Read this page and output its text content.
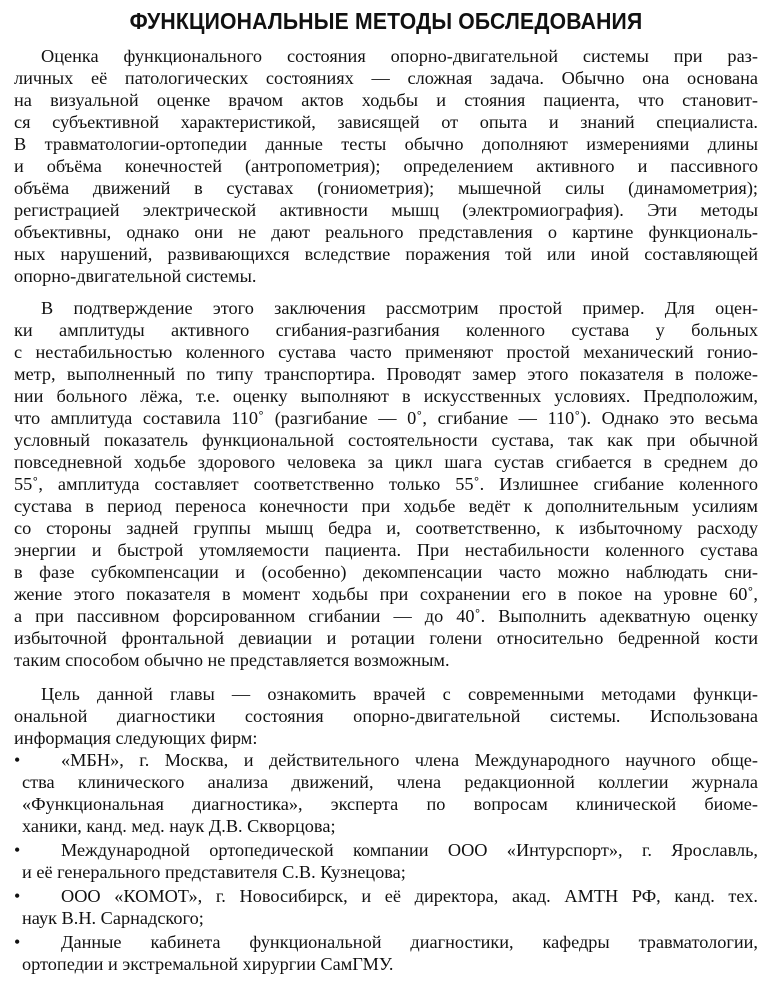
ФУНКЦИОНАЛЬНЫЕ МЕТОДЫ ОБСЛЕДОВАНИЯ
Оценка функционального состояния опорно-двигательной системы при раз-
личных её патологических состояниях — сложная задача. Обычно она основана
на визуальной оценке врачом актов ходьбы и стояния пациента, что становит-
ся субъективной характеристикой, зависящей от опыта и знаний специалиста.
В травматологии-ортопедии данные тесты обычно дополняют измерениями длины
и объёма конечностей (антропометрия); определением активного и пассивного
объёма движений в суставах (гониометрия); мышечной силы (динамометрия);
регистрацией электрической активности мышц (электромиография). Эти методы
объективны, однако они не дают реального представления о картине функциональ-
ных нарушений, развивающихся вследствие поражения той или иной составляющей
опорно-двигательной системы.
В подтверждение этого заключения рассмотрим простой пример. Для оцен-
ки амплитуды активного сгибания-разгибания коленного сустава у больных
с нестабильностью коленного сустава часто применяют простой механический гонио-
метр, выполненный по типу транспортира. Проводят замер этого показателя в положе-
нии больного лёжа, т.е. оценку выполняют в искусственных условиях. Предположим,
что амплитуда составила 110˚ (разгибание — 0˚, сгибание — 110˚). Однако это весьма
условный показатель функциональной состоятельности сустава, так как при обычной
повседневной ходьбе здорового человека за цикл шага сустав сгибается в среднем до
55˚, амплитуда составляет соответственно только 55˚. Излишнее сгибание коленного
сустава в период переноса конечности при ходьбе ведёт к дополнительным усилиям
со стороны задней группы мышц бедра и, соответственно, к избыточному расходу
энергии и быстрой утомляемости пациента. При нестабильности коленного сустава
в фазе субкомпенсации и (особенно) декомпенсации часто можно наблюдать сни-
жение этого показателя в момент ходьбы при сохранении его в покое на уровне 60˚,
а при пассивном форсированном сгибании — до 40˚. Выполнить адекватную оценку
избыточной фронтальной девиации и ротации голени относительно бедренной кости
таким способом обычно не представляется возможным.
Цель данной главы — ознакомить врачей с современными методами функци-
ональной диагностики состояния опорно-двигательной системы. Использована
информация следующих фирм:
•	«МБН», г. Москва, и действительного члена Международного научного обще-
ства клинического анализа движений, члена редакционной коллегии журнала
«Функциональная диагностика», эксперта по вопросам клинической биоме-
ханики, канд. мед. наук Д.В. Скворцова;
•	Международной ортопедической компании ООО «Интурспорт», г. Ярославль,
и её генерального представителя С.В. Кузнецова;
•	ООО «КОМОТ», г. Новосибирск, и её директора, акад. АМТН РФ, канд. тех.
наук В.Н. Сарнадского;
•	Данные кабинета функциональной диагностики, кафедры травматологии,
ортопедии и экстремальной хирургии СамГМУ.
